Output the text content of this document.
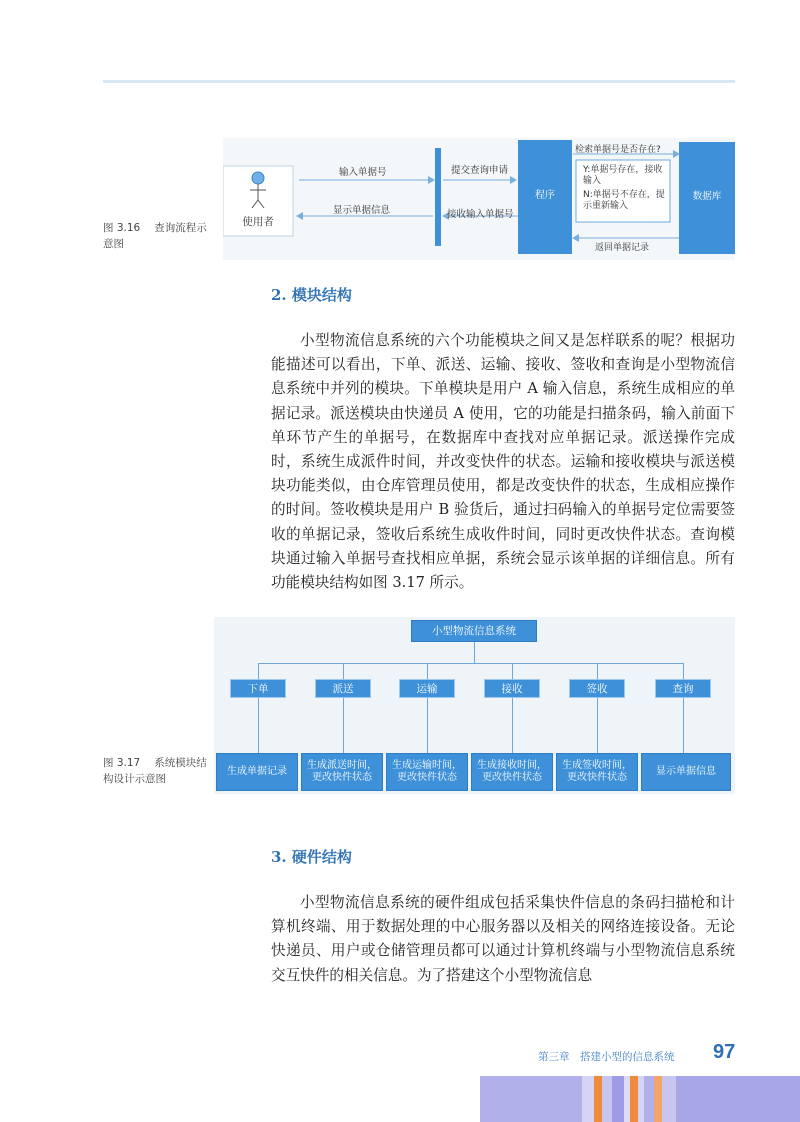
使用者
输入单据号
显示单据信息
提交查询申请
接收输入单据号
程序
检索单据号是否存在?
Y:单据号存在，接收输入
N:单据号不存在，提示重新输入
返回单据记录
数据库
图 3.16 查询流程示意图
2. 模块结构

小型物流信息系统的六个功能模块之间又是怎样联系的呢？根据功能描述可以看出，下单、派送、运输、接收、签收和查询是小型物流信息系统中并列的模块。下单模块是用户 A 输入信息，系统生成相应的单据记录。派送模块由快递员 A 使用，它的功能是扫描条码，输入前面下单环节产生的单据号，在数据库中查找对应单据记录。派送操作完成时，系统生成派件时间，并改变快件的状态。运输和接收模块与派送模块功能类似，由仓库管理员使用，都是改变快件的状态，生成相应操作的时间。签收模块是用户 B 验货后，通过扫码输入的单据号定位需要签收的单据记录，签收后系统生成收件时间，同时更改快件状态。查询模块通过输入单据号查找相应单据，系统会显示该单据的详细信息。所有功能模块结构如图 3.17 所示。

小型物流信息系统
下单	派送	运输	接收	签收	查询
生成单据记录
生成派送时间，更改快件状态
生成运输时间，更改快件状态
生成接收时间，更改快件状态
生成签收时间，更改快件状态
显示单据信息
图 3.17 系统模块结构设计示意图
3. 硬件结构

小型物流信息系统的硬件组成包括采集快件信息的条码扫描枪和计算机终端、用于数据处理的中心服务器以及相关的网络连接设备。无论快递员、用户或仓储管理员都可以通过计算机终端与小型物流信息系统交互快件的相关信息。为了搭建这个小型物流信息

第三章　搭建小型的信息系统 97
